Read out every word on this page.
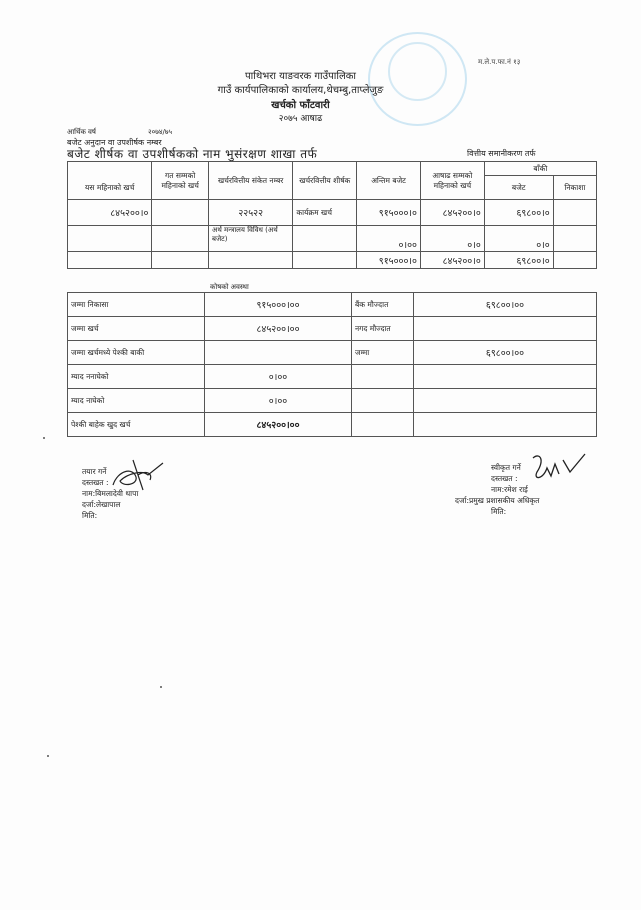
म.ले.प.फा.नं १३
पाथिभरा याङवरक गाउँपालिका
गाउँ कार्यपालिकाको कार्यालय,थेचम्बु,ताप्लेजुङ
खर्चको फाँटवारी
२०७५ आषाढ
आर्थिक वर्ष	२०७४/७५
बजेट अनुदान वा उपशीर्षक नम्बर
बजेट शीर्षक वा उपशीर्षकको नाम भुसंरक्षण शाखा तर्फ	वित्तीय समानीकरण तर्फ
यस महिनाको खर्च	गत सम्मको महिनाको खर्च	खर्चरवित्तीय संकेत नम्बर	खर्चरवित्तीय शीर्षक	अन्तिम बजेट	आषाढ सम्मको महिनाको खर्च	बाँकी	
						बजेट	निकाशा
८४५२००।०		२२५२२	कार्यक्रम खर्च	९१५०००।०	८४५२००।०	६९८००।०	
		अर्थ मन्त्रालय विविध (अर्थ बजेट)		०।००	०।०	०।०	
				९१५०००।०	८४५२००।०	६९८००।०	
कोषको अवस्था
जम्मा निकासा	९१५०००।००	बैंक मौज्दात	६९८००।००
जम्मा खर्च	८४५२००।००	नगद मौज्दात	
जम्मा खर्चमध्ये पेश्की बाकी		जम्मा	६९८००।००
म्याद ननाघेको	०।००		
म्याद नाघेको	०।००		
पेश्की बाहेक खुद खर्च	८४५२००।००		
तयार गर्ने
दस्तखत :
नाम:बिमलादेवी थापा
दर्जा:लेखापाल
मिति:
स्वीकृत गर्ने
दस्तखत :
नाम:रमेश राई
दर्जा:प्रमुख प्रशासकीय अधिकृत
मिति:
